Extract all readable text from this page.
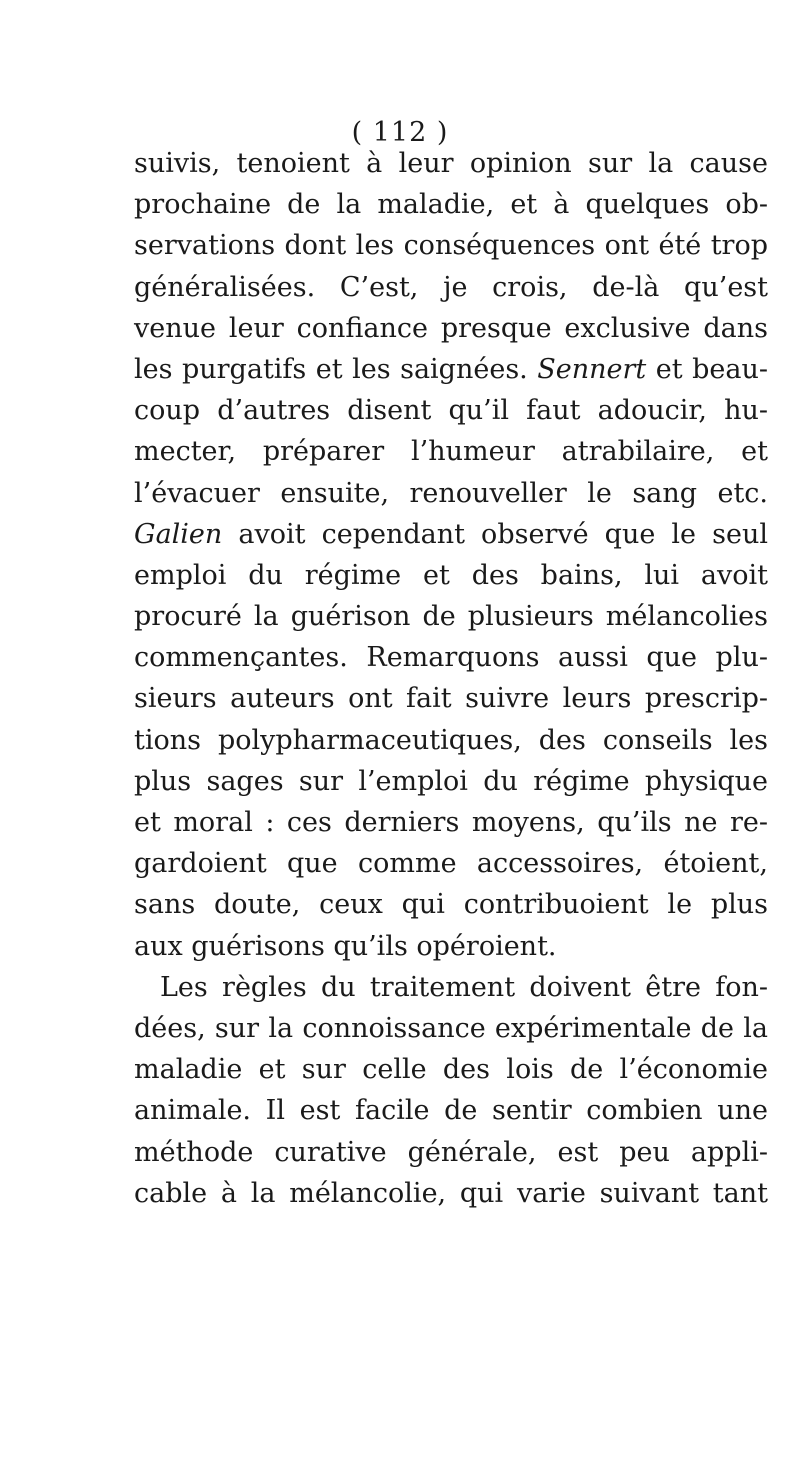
( 112 )
suivis, tenoient à leur opinion sur la cause
prochaine de la maladie, et à quelques ob-
servations dont les conséquences ont été trop
généralisées. C’est, je crois, de-là qu’est
venue leur confiance presque exclusive dans
les purgatifs et les saignées. Sennert et beau-
coup d’autres disent qu’il faut adoucir, hu-
mecter, préparer l’humeur atrabilaire, et
l’évacuer ensuite, renouveller le sang etc.
Galien avoit cependant observé que le seul
emploi du régime et des bains, lui avoit
procuré la guérison de plusieurs mélancolies
commençantes. Remarquons aussi que plu-
sieurs auteurs ont fait suivre leurs prescrip-
tions polypharmaceutiques, des conseils les
plus sages sur l’emploi du régime physique
et moral : ces derniers moyens, qu’ils ne re-
gardoient que comme accessoires, étoient,
sans doute, ceux qui contribuoient le plus
aux guérisons qu’ils opéroient.
Les règles du traitement doivent être fon-
dées, sur la connoissance expérimentale de la
maladie et sur celle des lois de l’économie
animale. Il est facile de sentir combien une
méthode curative générale, est peu appli-
cable à la mélancolie, qui varie suivant tant
